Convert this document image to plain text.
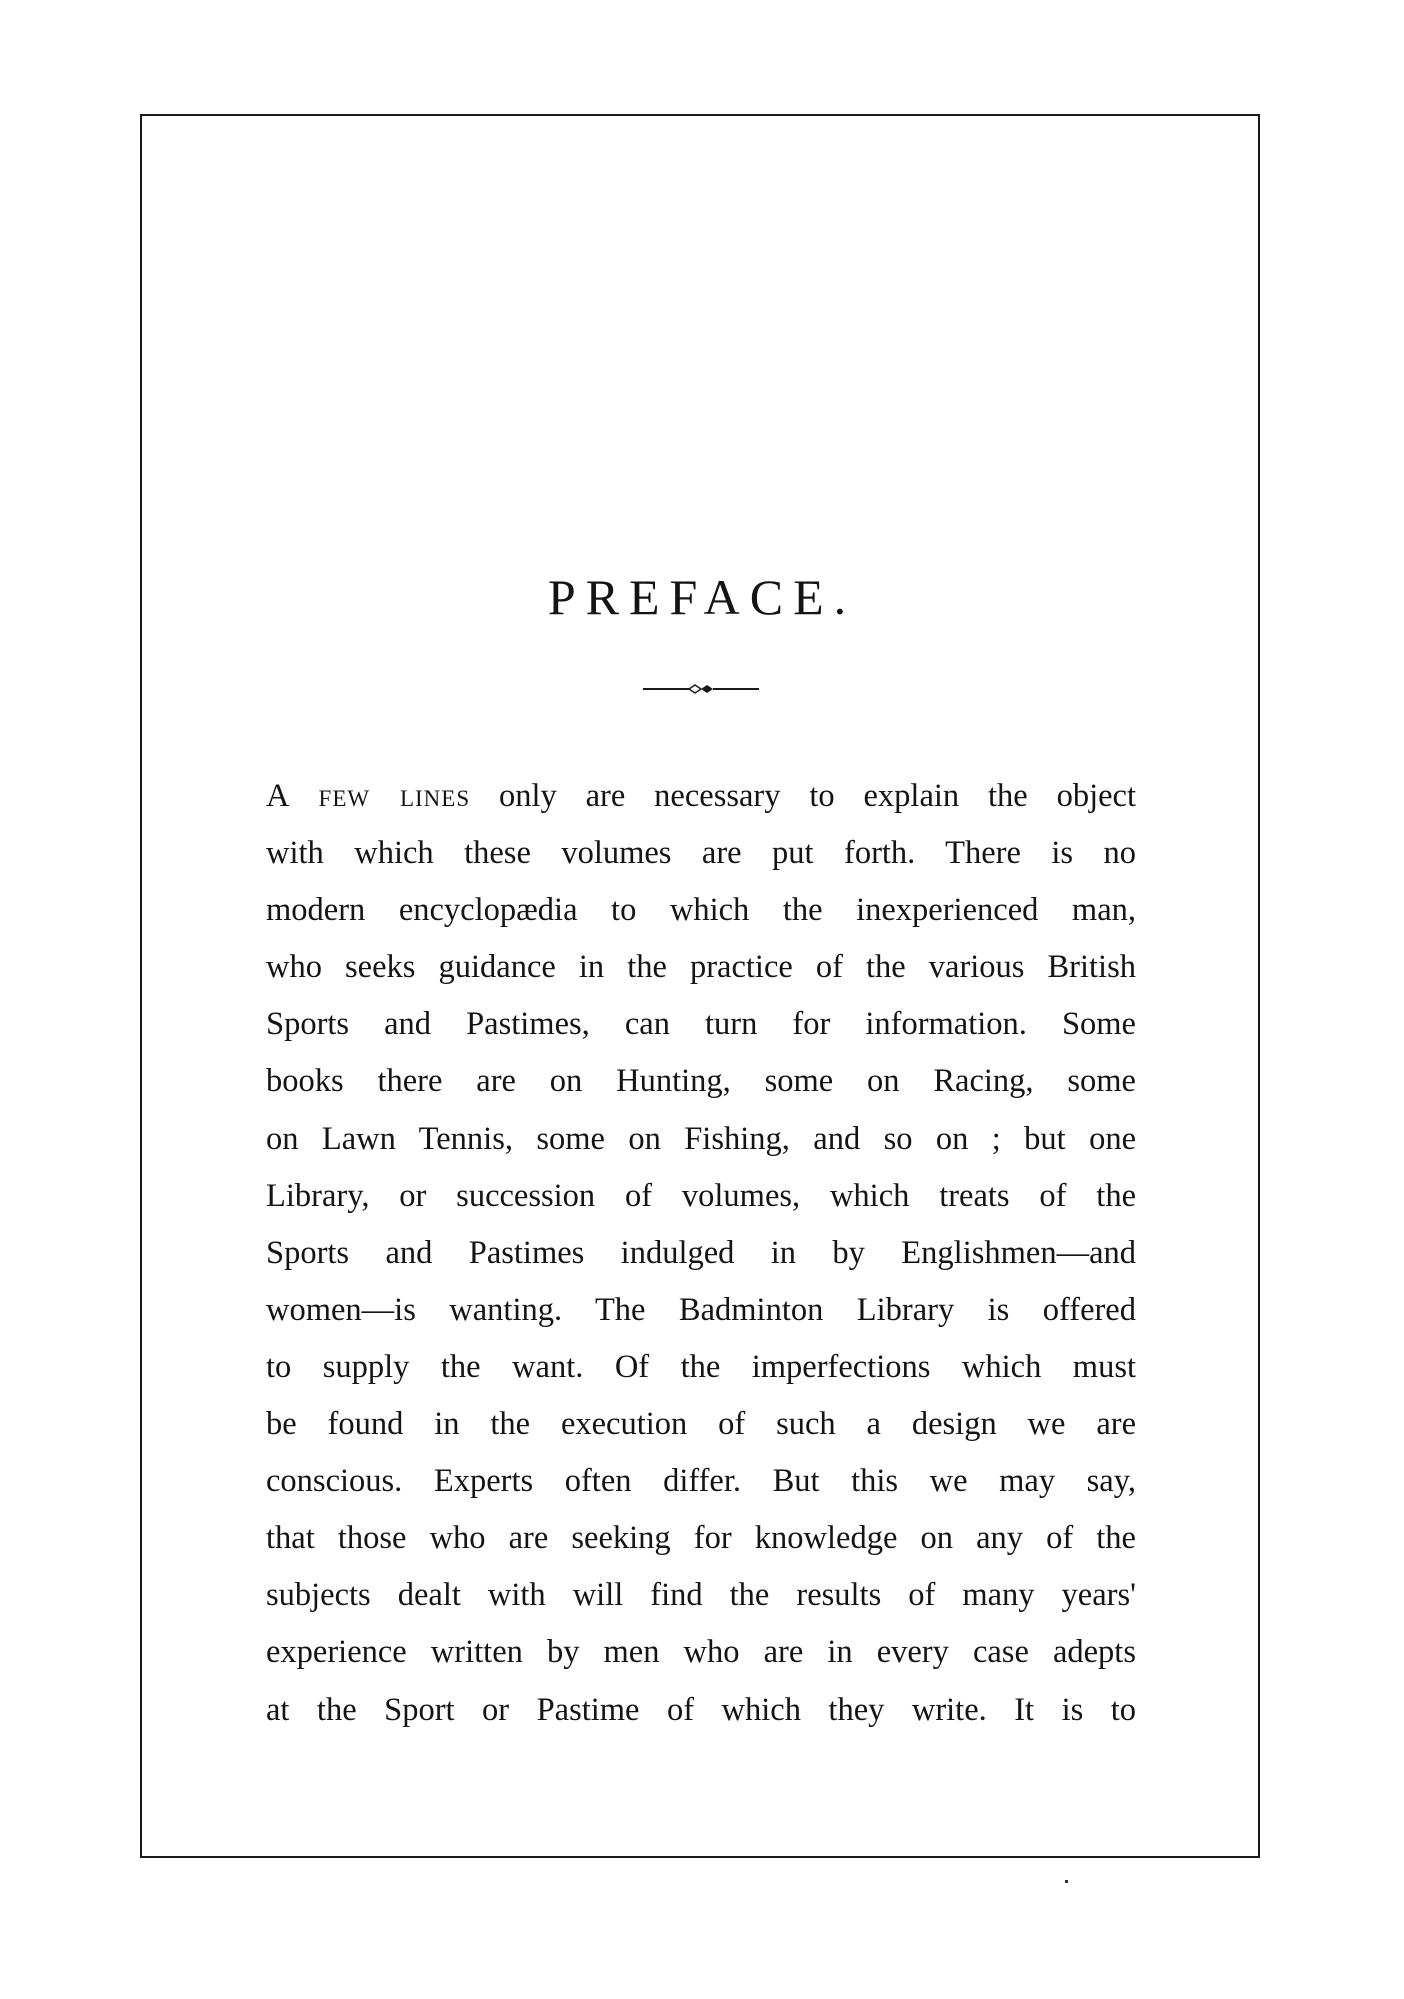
PREFACE.
A few lines only are necessary to explain the object
with which these volumes are put forth. There is no
modern encyclopædia to which the inexperienced man,
who seeks guidance in the practice of the various British
Sports and Pastimes, can turn for information. Some
books there are on Hunting, some on Racing, some
on Lawn Tennis, some on Fishing, and so on ; but one
Library, or succession of volumes, which treats of the
Sports and Pastimes indulged in by Englishmen—and
women—is wanting. The Badminton Library is offered
to supply the want. Of the imperfections which must
be found in the execution of such a design we are
conscious. Experts often differ. But this we may say,
that those who are seeking for knowledge on any of the
subjects dealt with will find the results of many years'
experience written by men who are in every case adepts
at the Sport or Pastime of which they write. It is to
